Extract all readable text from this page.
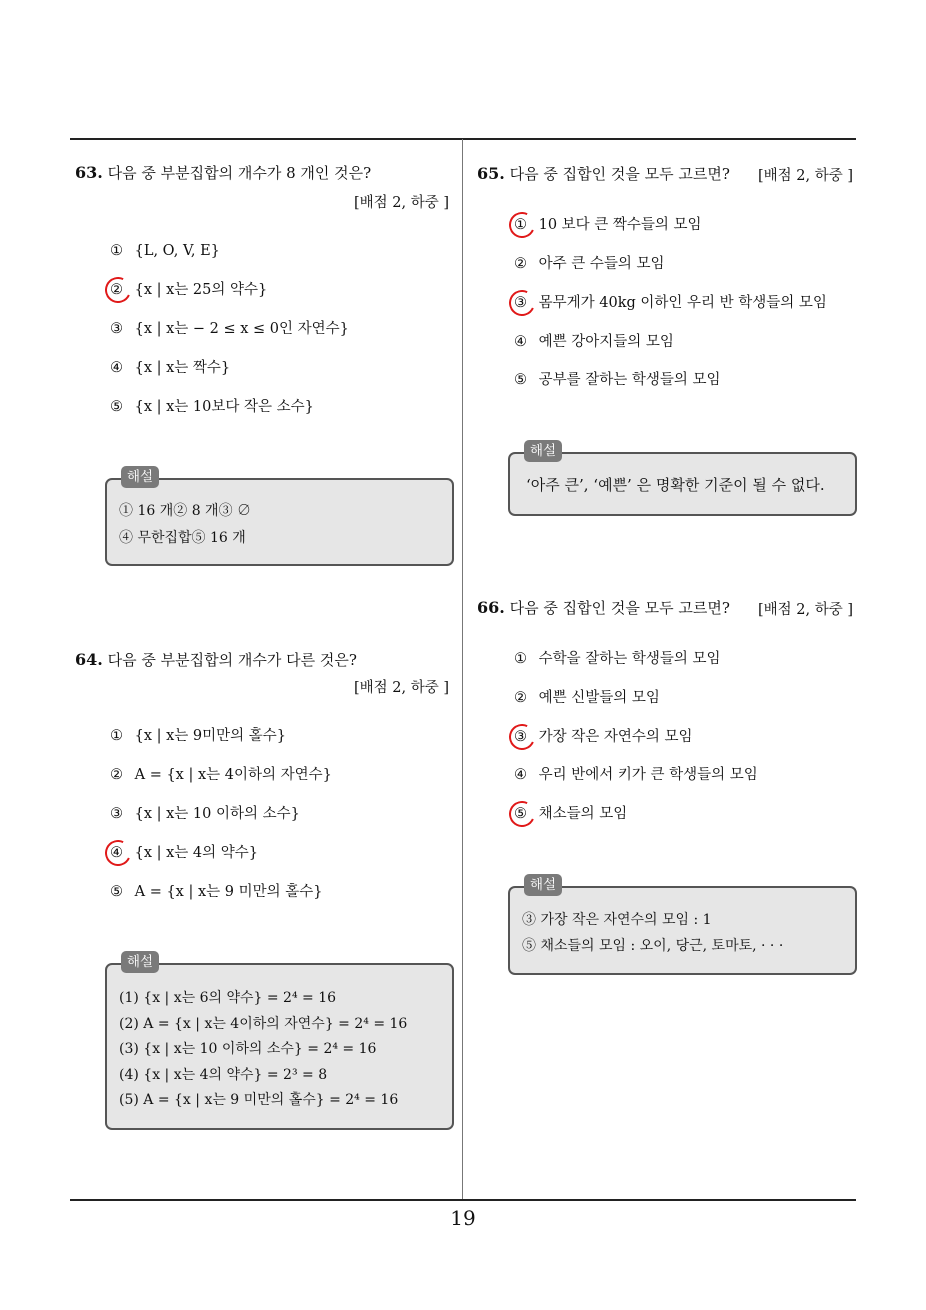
63. 다음 중 부분집합의 개수가 8 개인 것은?
[배점 2, 하중 ]
① {L, O, V, E}
② {x | x는 25의 약수}
③ {x | x는 − 2 ≤ x ≤ 0인 자연수}
④ {x | x는 짝수}
⑤ {x | x는 10보다 작은 소수}
해설
① 16 개② 8 개③ ∅
④ 무한집합⑤ 16 개
64. 다음 중 부분집합의 개수가 다른 것은?
[배점 2, 하중 ]
① {x | x는 9미만의 홀수}
② A = {x | x는 4이하의 자연수}
③ {x | x는 10 이하의 소수}
④ {x | x는 4의 약수}
⑤ A = {x | x는 9 미만의 홀수}
해설
(1) {x | x는 6의 약수} = 2⁴ = 16
(2) A = {x | x는 4이하의 자연수} = 2⁴ = 16
(3) {x | x는 10 이하의 소수} = 2⁴ = 16
(4) {x | x는 4의 약수} = 2³ = 8
(5) A = {x | x는 9 미만의 홀수} = 2⁴ = 16
65. 다음 중 집합인 것을 모두 고르면? [배점 2, 하중 ]
① 10 보다 큰 짝수들의 모임
② 아주 큰 수들의 모임
③ 몸무게가 40kg 이하인 우리 반 학생들의 모임
④ 예쁜 강아지들의 모임
⑤ 공부를 잘하는 학생들의 모임
해설
‘아주 큰’, ‘예쁜’ 은 명확한 기준이 될 수 없다.
66. 다음 중 집합인 것을 모두 고르면? [배점 2, 하중 ]
① 수학을 잘하는 학생들의 모임
② 예쁜 신발들의 모임
③ 가장 작은 자연수의 모임
④ 우리 반에서 키가 큰 학생들의 모임
⑤ 채소들의 모임
해설
③ 가장 작은 자연수의 모임 : 1
⑤ 채소들의 모임 : 오이, 당근, 토마토, · · ·
19
